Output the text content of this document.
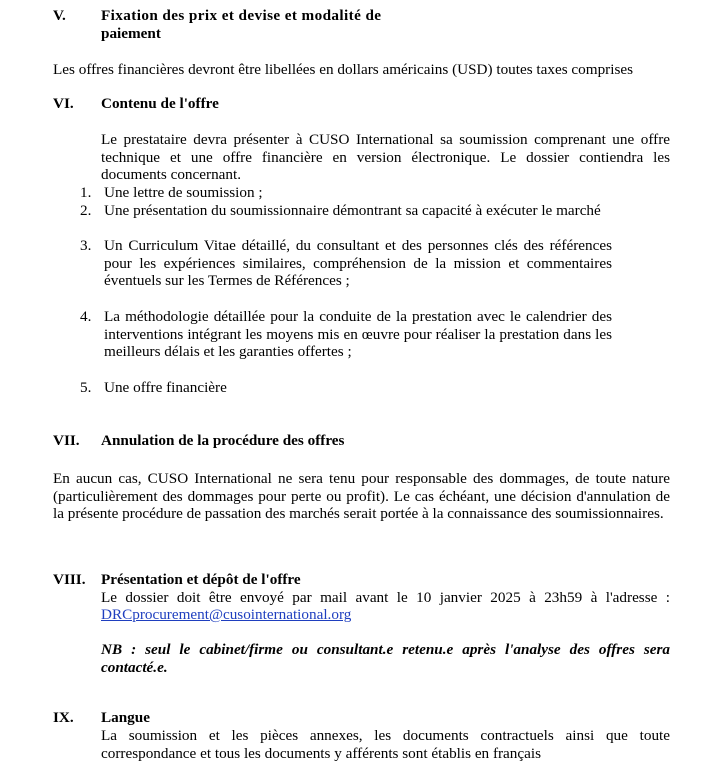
V. Fixation des prix et devise et modalité de
paiement
Les offres financières devront être libellées en dollars américains (USD) toutes taxes comprises
VI. Contenu de l'offre
Le prestataire devra présenter à CUSO International sa soumission comprenant une offre technique et une offre financière en version électronique. Le dossier contiendra les documents concernant.
1. Une lettre de soumission ;
2. Une présentation du soumissionnaire démontrant sa capacité à exécuter le marché
3. Un Curriculum Vitae détaillé, du consultant et des personnes clés des références pour les expériences similaires, compréhension de la mission et commentaires éventuels sur les Termes de Références ;
4. La méthodologie détaillée pour la conduite de la prestation avec le calendrier des interventions intégrant les moyens mis en œuvre pour réaliser la prestation dans les meilleurs délais et les garanties offertes ;
5. Une offre financière
VII. Annulation de la procédure des offres
En aucun cas, CUSO International ne sera tenu pour responsable des dommages, de toute nature (particulièrement des dommages pour perte ou profit). Le cas échéant, une décision d'annulation de la présente procédure de passation des marchés serait portée à la connaissance des soumissionnaires.
VIII. Présentation et dépôt de l'offre
Le dossier doit être envoyé par mail avant le 10 janvier 2025 à 23h59 à l'adresse :
DRCprocurement@cusointernational.org
NB : seul le cabinet/firme ou consultant.e retenu.e après l'analyse des offres sera contacté.e.
IX. Langue
La soumission et les pièces annexes, les documents contractuels ainsi que toute correspondance et tous les documents y afférents sont établis en français
